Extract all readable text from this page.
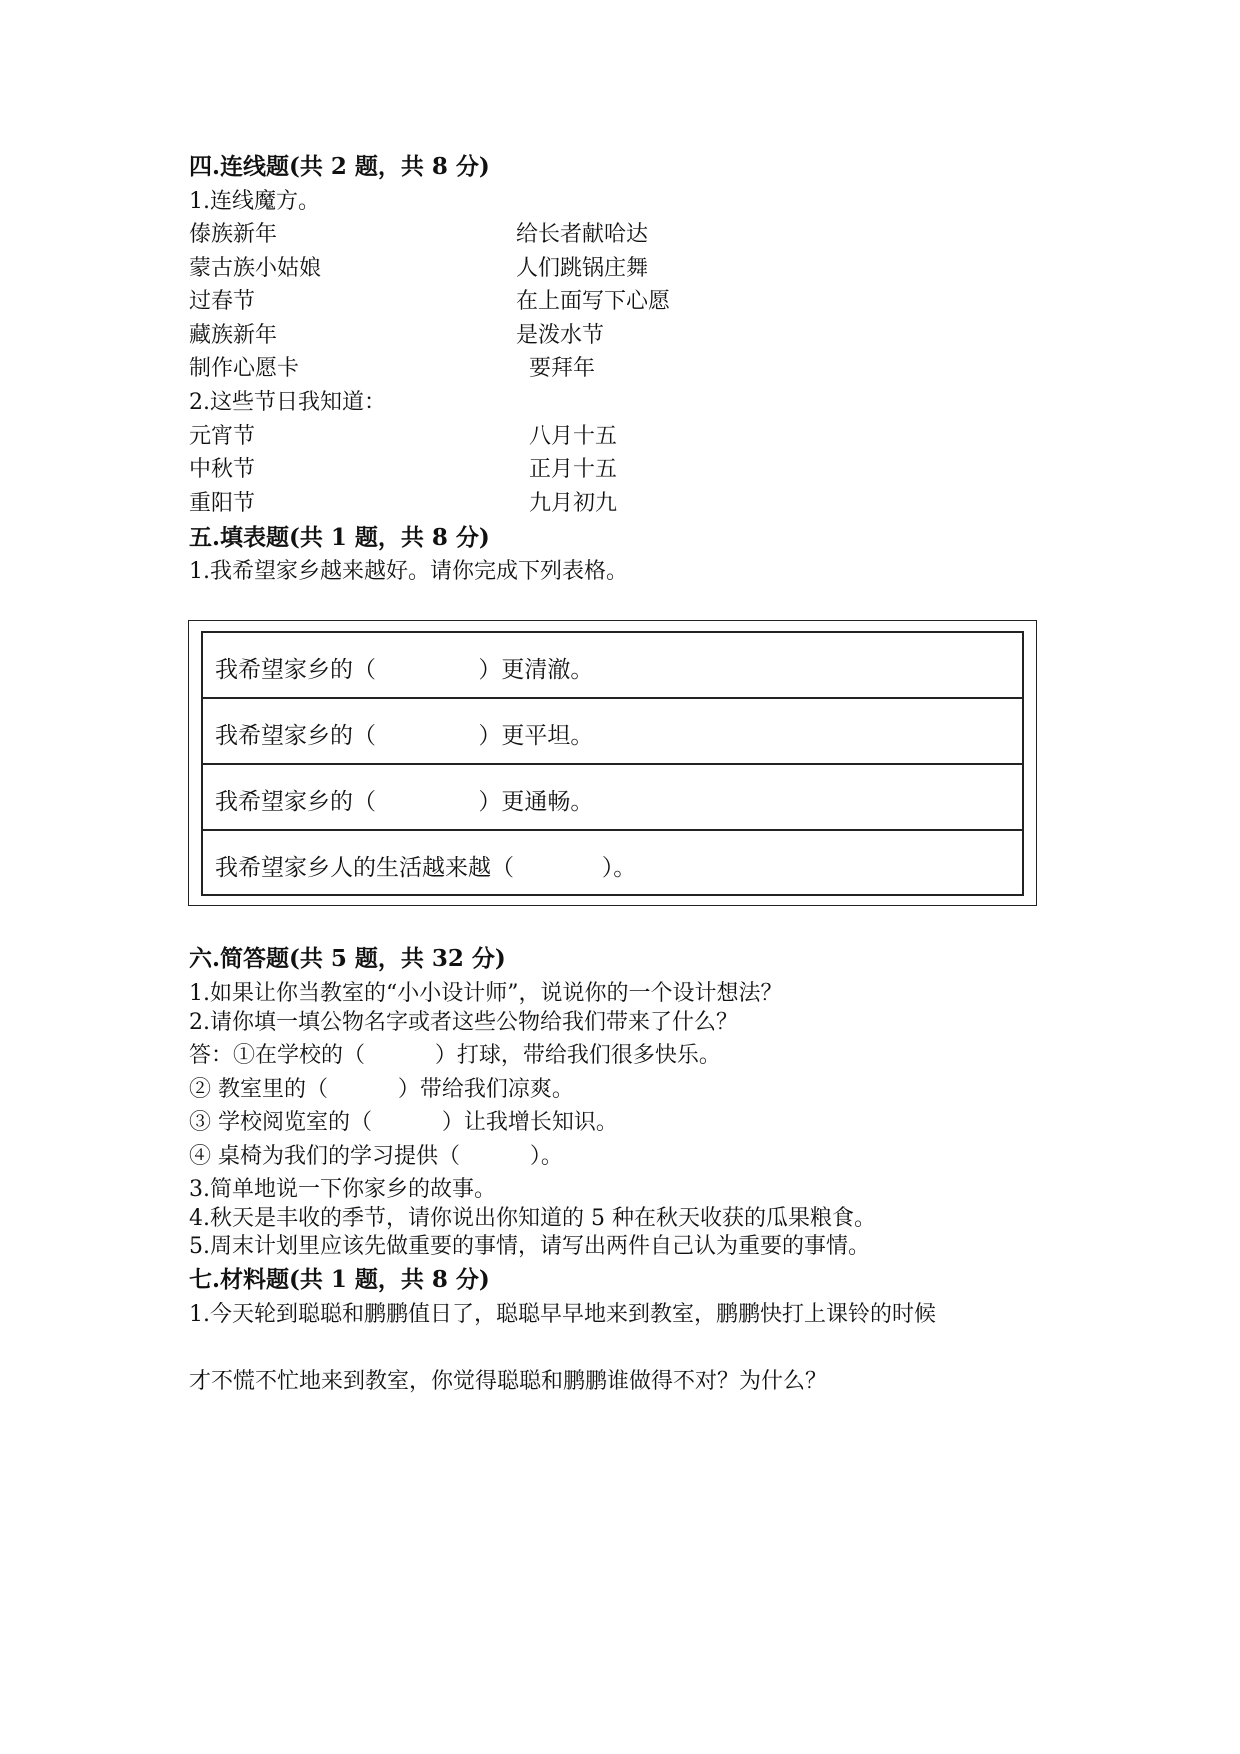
四.连线题(共 2 题，共 8 分)
1.连线魔方。
傣族新年	给长者献哈达
蒙古族小姑娘	人们跳锅庄舞
过春节	在上面写下心愿
藏族新年	是泼水节
制作心愿卡	要拜年
2.这些节日我知道：
元宵节	八月十五
中秋节	正月十五
重阳节	九月初九
五.填表题(共 1 题，共 8 分)
1.我希望家乡越来越好。请你完成下列表格。
我希望家乡的（              ）更清澈。
我希望家乡的（              ）更平坦。
我希望家乡的（              ）更通畅。
我希望家乡人的生活越来越（            ）。
六.简答题(共 5 题，共 32 分)
1.如果让你当教室的“小小设计师”，说说你的一个设计想法？
2.请你填一填公物名字或者这些公物给我们带来了什么？
答：①在学校的（          ）打球，带给我们很多快乐。
② 教室里的（          ）带给我们凉爽。
③ 学校阅览室的（          ）让我增长知识。
④ 桌椅为我们的学习提供（          ）。
3.简单地说一下你家乡的故事。
4.秋天是丰收的季节，请你说出你知道的 5 种在秋天收获的瓜果粮食。
5.周末计划里应该先做重要的事情，请写出两件自己认为重要的事情。
七.材料题(共 1 题，共 8 分)
1.今天轮到聪聪和鹏鹏值日了，聪聪早早地来到教室，鹏鹏快打上课铃的时候
才不慌不忙地来到教室，你觉得聪聪和鹏鹏谁做得不对？为什么？
